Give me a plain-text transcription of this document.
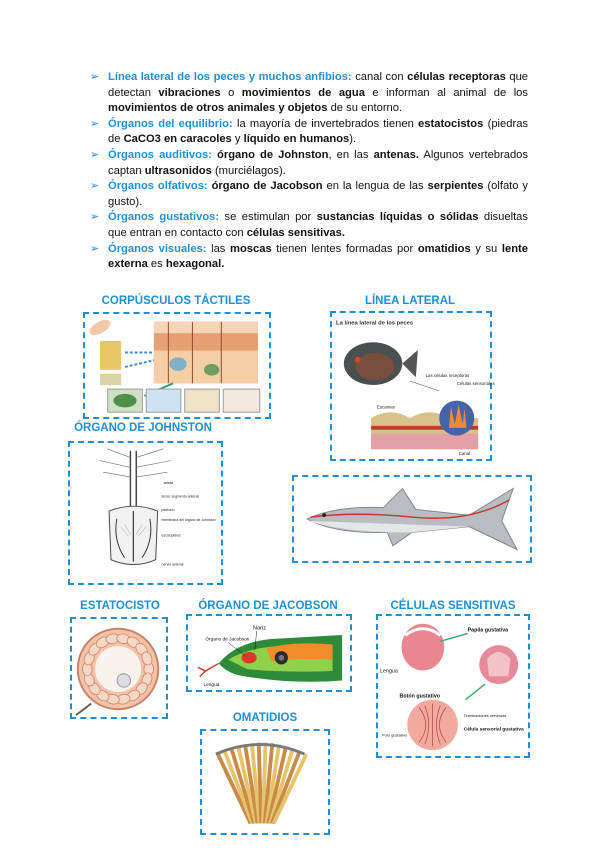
➢ Línea lateral de los peces y muchos anfibios: canal con células receptoras que detectan vibraciones o movimientos de agua e informan al animal de los movimientos de otros animales y objetos de su entorno.

➢ Órganos del equilibrio: la mayoría de invertebrados tienen estatocistos (piedras de CaCO3 en caracoles y líquido en humanos).

➢ Órganos auditivos: órgano de Johnston, en las antenas. Algunos vertebrados captan ultrasonidos (murciélagos).

➢ Órganos olfativos: órgano de Jacobson en la lengua de las serpientes (olfato y gusto).

➢ Órganos gustativos: se estimulan por sustancias líquidas o sólidas disueltas que entran en contacto con células sensitivas.

➢ Órganos visuales: las moscas tienen lentes formadas por omatidios y su lente externa es hexagonal.

CORPÚSCULOS TÁCTILES	LÍNEA LATERAL
La línea lateral de los peces
Las células receptoras
Células sensoriales
Escamas
Canal
ÓRGANO DE JOHNSTON
arista
tercer segmento antenal
pedicelo
membrana del órgano de Johnston
escolopidios
nervio antenal
ESTATOCISTO	ÓRGANO DE JACOBSON
Nariz
Órgano de Jacobson
Lengua
CÉLULAS SENSITIVAS
Papila gustativa
Lengua
Botón gustativo
Terminaciones nerviosas
Célula sensorial gustativa
Poro gustativo
OMATIDIOS
